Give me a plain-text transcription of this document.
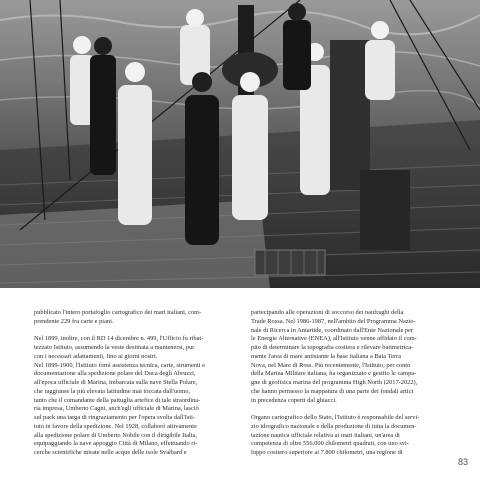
pubblicato l'intero portafoglio cartografico dei mari italiani, com-
prendente 229 fra carte e piani.

Nel 1899, inoltre, con il RD 14 dicembre n. 499, l'Ufficio fu ribat-
tezzato Istituto, assumendo la veste destinata a mantenersi, pur
con i necessari adattamenti, fino ai giorni nostri.
Nel 1899-1900, l'Istituto fornì assistenza tecnica, carte, strumenti e
documentazione alla spedizione polare del Duca degli Abruzzi,
all'epoca ufficiale di Marina, imbarcata sulla nave Stella Polare,
che raggiunse la più elevata latitudine mai toccata dall'uomo,
tanto che il comandante della pattuglia artefice di tale straordina-
ria impresa, Umberto Cagni, anch'egli ufficiale di Marina, lasciò
sul pack una targa di ringraziamento per l'opera svolta dall'Isti-
tuto in favore della spedizione. Nel 1928, collaborò attivamente
alla spedizione polare di Umberto Nobile con il dirigibile Italia,
equipaggiando la nave appoggio Città di Milano, effettuando ri-
cerche scientifiche mirate nelle acque delle isole Svalbard e

partecipando alle operazioni di soccorso dei naufraghi della
Trade Rossa. Nel 1986-1987, nell'ambito del Programma Nazio-
nale di Ricerca in Antartide, coordinato dall'Ente Nazionale per
le Energie Alternative (ENEA), all'Istituto venne affidato il com-
pito di determinare la topografia costiera e rilevare batimetrica-
mente l'area di mare antistante la base italiana a Baia Terra
Nova, nel Mare di Ross. Più recentemente, l'Istituto, per conto
della Marina Militare italiana, ha organizzato e gestito le campa-
gne di geofisica marina del programma High North (2017-2022),
che hanno permesso la mappatura di una parte dei fondali artici
in precedenza coperti dal ghiacci.

Organo cartografico dello Stato, l'Istituto è responsabile del servi-
zio idrografico nazionale e della produzione di tutta la documen-
tazione nautica ufficiale relativa ai mari italiani, un'area di
competenza di oltre 556.000 chilometri quadrati, con uno svi-
luppo costiero superiore ai 7.800 chilometri, una regione di

83
